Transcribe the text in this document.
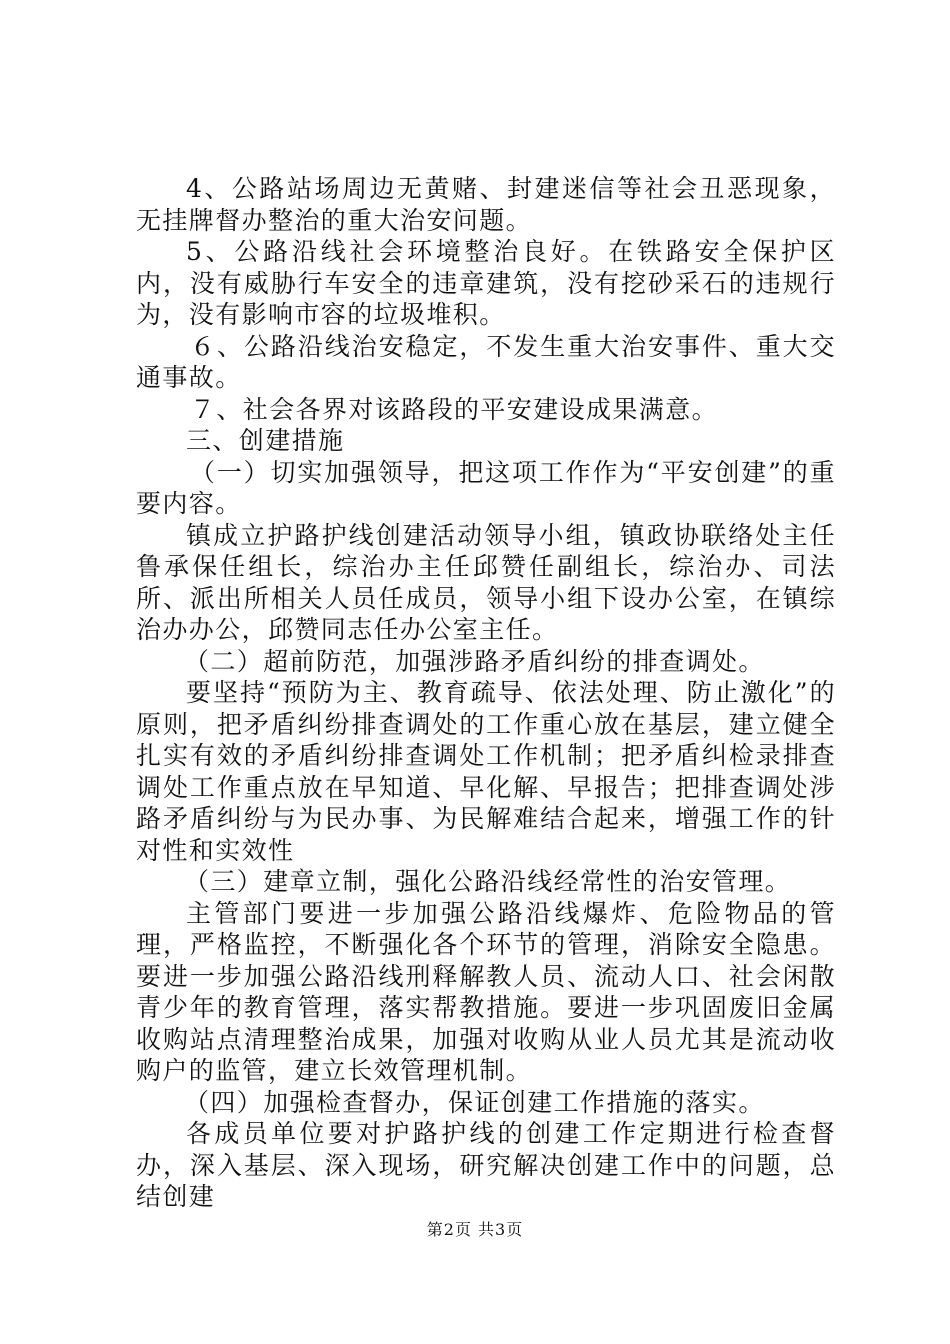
4、公路站场周边无黄赌、封建迷信等社会丑恶现象，无挂牌督办整治的重大治安问题。

5、公路沿线社会环境整治良好。在铁路安全保护区内，没有威胁行车安全的违章建筑，没有挖砂采石的违规行为，没有影响市容的垃圾堆积。

６、公路沿线治安稳定，不发生重大治安事件、重大交通事故。

７、社会各界对该路段的平安建设成果满意。

三、创建措施

（一）切实加强领导，把这项工作作为“平安创建”的重要内容。

镇成立护路护线创建活动领导小组，镇政协联络处主任鲁承保任组长，综治办主任邱赞任副组长，综治办、司法所、派出所相关人员任成员，领导小组下设办公室，在镇综治办办公，邱赞同志任办公室主任。

（二）超前防范，加强涉路矛盾纠纷的排查调处。

要坚持“预防为主、教育疏导、依法处理、防止激化”的原则，把矛盾纠纷排查调处的工作重心放在基层，建立健全扎实有效的矛盾纠纷排查调处工作机制；把矛盾纠检录排查调处工作重点放在早知道、早化解、早报告；把排查调处涉路矛盾纠纷与为民办事、为民解难结合起来，增强工作的针对性和实效性

（三）建章立制，强化公路沿线经常性的治安管理。

主管部门要进一步加强公路沿线爆炸、危险物品的管理，严格监控，不断强化各个环节的管理，消除安全隐患。要进一步加强公路沿线刑释解教人员、流动人口、社会闲散青少年的教育管理，落实帮教措施。要进一步巩固废旧金属收购站点清理整治成果，加强对收购从业人员尤其是流动收购户的监管，建立长效管理机制。

（四）加强检查督办，保证创建工作措施的落实。

各成员单位要对护路护线的创建工作定期进行检查督办，深入基层、深入现场，研究解决创建工作中的问题，总结创建

第2页 共3页
